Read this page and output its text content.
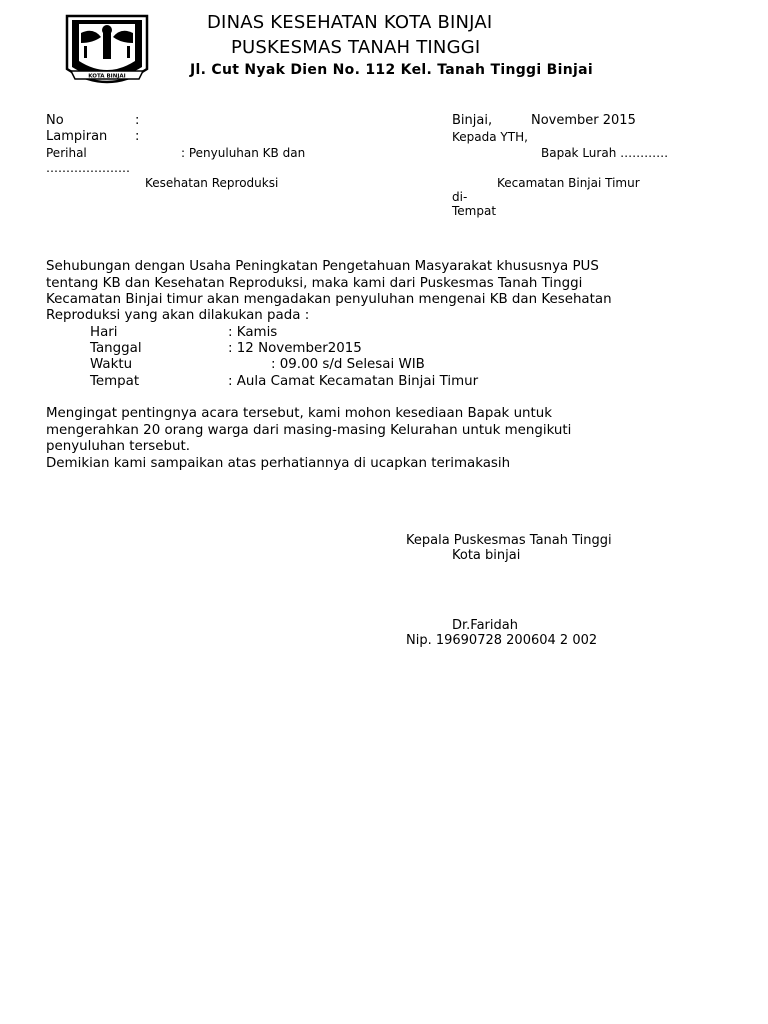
KOTA BINJAI
DINAS KESEHATAN KOTA BINJAI
PUSKESMAS TANAH TINGGI
Jl. Cut Nyak Dien No. 112 Kel. Tanah Tinggi Binjai
No	:
Lampiran :
Perihal	: Penyuluhan KB dan
…………………
Kesehatan Reproduksi
Binjai,	November 2015
Kepada YTH,
Bapak Lurah …………
Kecamatan Binjai Timur
di-
Tempat
Sehubungan dengan Usaha Peningkatan Pengetahuan Masyarakat khususnya PUS
tentang KB dan Kesehatan Reproduksi, maka kami dari Puskesmas Tanah Tinggi
Kecamatan Binjai timur akan mengadakan penyuluhan mengenai KB dan Kesehatan
Reproduksi yang akan dilakukan pada :
Hari	: Kamis
Tanggal	: 12 November2015
Waktu	: 09.00 s/d Selesai WIB
Tempat	: Aula Camat Kecamatan Binjai Timur
Mengingat pentingnya acara tersebut, kami mohon kesediaan Bapak untuk
mengerahkan 20 orang warga dari masing-masing Kelurahan untuk mengikuti
penyuluhan tersebut.
Demikian kami sampaikan atas perhatiannya di ucapkan terimakasih
Kepala Puskesmas Tanah Tinggi
Kota binjai
Dr.Faridah
Nip. 19690728 200604 2 002
